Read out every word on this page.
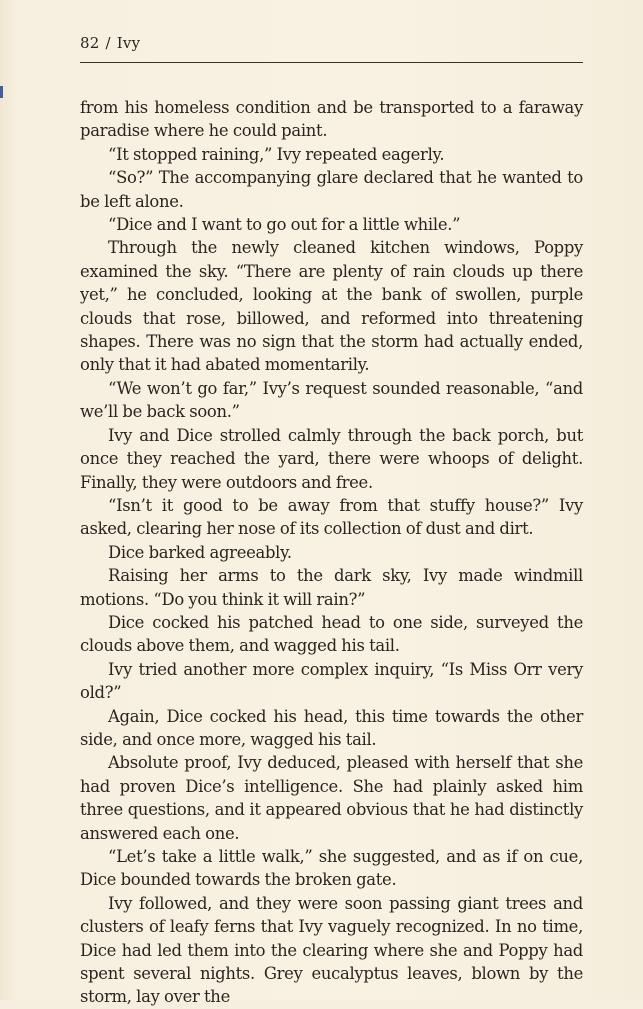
82 / Ivy

from his homeless condition and be transported to a faraway paradise where he could paint.

“It stopped raining,” Ivy repeated eagerly.

“So?” The accompanying glare declared that he wanted to be left alone.

“Dice and I want to go out for a little while.”

Through the newly cleaned kitchen windows, Poppy examined the sky. “There are plenty of rain clouds up there yet,” he concluded, looking at the bank of swollen, purple clouds that rose, billowed, and reformed into threatening shapes. There was no sign that the storm had actually ended, only that it had abated momentarily.

“We won’t go far,” Ivy’s request sounded reasonable, “and we’ll be back soon.”

Ivy and Dice strolled calmly through the back porch, but once they reached the yard, there were whoops of delight. Finally, they were outdoors and free.

“Isn’t it good to be away from that stuffy house?” Ivy asked, clearing her nose of its collection of dust and dirt.

Dice barked agreeably.

Raising her arms to the dark sky, Ivy made windmill motions. “Do you think it will rain?”

Dice cocked his patched head to one side, surveyed the clouds above them, and wagged his tail.

Ivy tried another more complex inquiry, “Is Miss Orr very old?”

Again, Dice cocked his head, this time towards the other side, and once more, wagged his tail.

Absolute proof, Ivy deduced, pleased with herself that she had proven Dice’s intelligence. She had plainly asked him three questions, and it appeared obvious that he had distinctly answered each one.

“Let’s take a little walk,” she suggested, and as if on cue, Dice bounded towards the broken gate.

Ivy followed, and they were soon passing giant trees and clusters of leafy ferns that Ivy vaguely recognized. In no time, Dice had led them into the clearing where she and Poppy had spent several nights. Grey eucalyptus leaves, blown by the storm, lay over the
